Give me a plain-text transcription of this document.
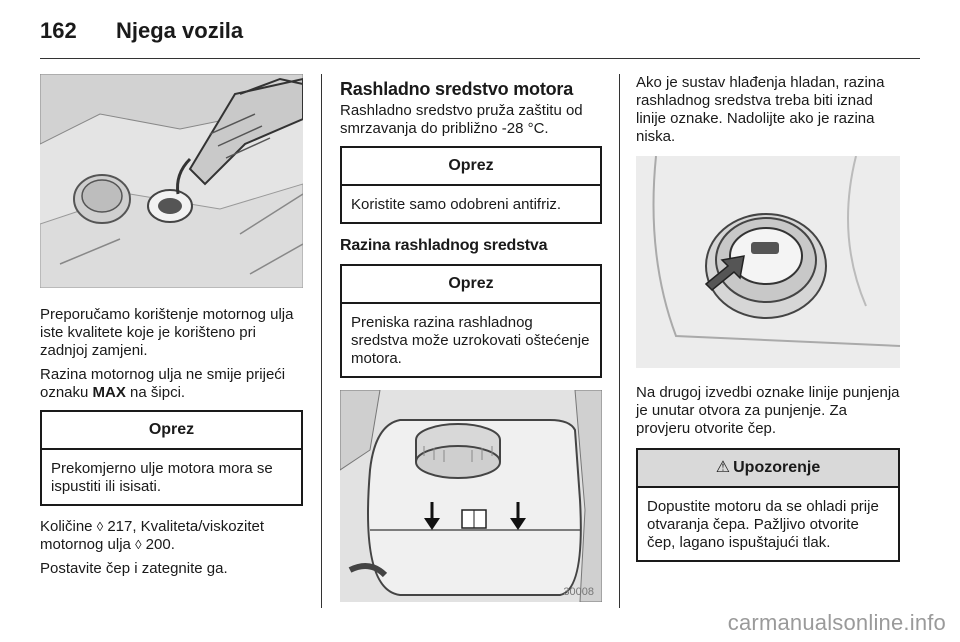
162 Njega vozila

Preporučamo korištenje motornog ulja iste kvalitete koje je korišteno pri zadnjoj zamjeni.

Razina motornog ulja ne smije prijeći oznaku MAX na šipci.

Oprez
Prekomjerno ulje motora mora se ispustiti ili isisati.

Količine ◊ 217, Kvaliteta/viskozitet motornog ulja ◊ 200.

Postavite čep i zategnite ga.

Rashladno sredstvo motora

Rashladno sredstvo pruža zaštitu od smrzavanja do približno -28 °C.

Oprez
Koristite samo odobreni antifriz.
Razina rashladnog sredstva
Oprez
Preniska razina rashladnog sredstva može uzrokovati oštećenje motora.
30008

Ako je sustav hlađenja hladan, razina rashladnog sredstva treba biti iznad linije oznake. Nadolijte ako je razina niska.

Na drugoj izvedbi oznake linije punjenja je unutar otvora za punjenje. Za provjeru otvorite čep.

⚠ Upozorenje
Dopustite motoru da se ohladi prije otvaranja čepa. Pažljivo otvorite čep, lagano ispuštajući tlak.
carmanualsonline.info
